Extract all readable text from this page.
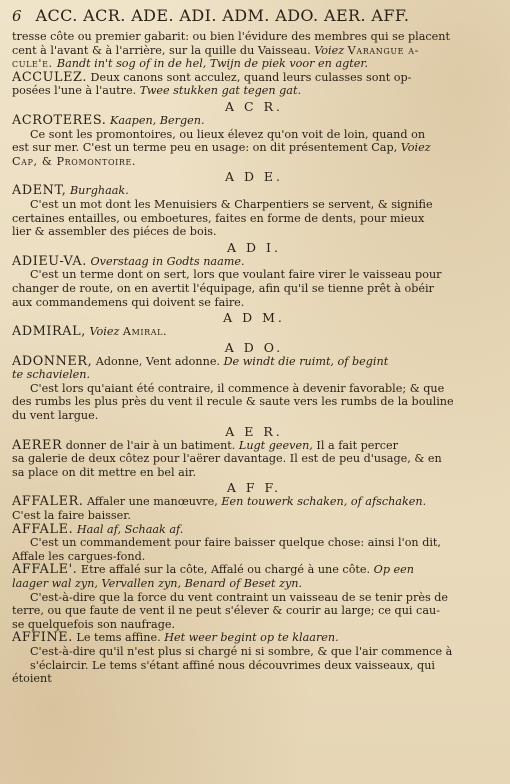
6 ACC. ACR. ADE. ADI. ADM. ADO. AER. AFF.
tresse côte ou premier gabarit: ou bien l'évidure des membres qui se placent
cent à l'avant & à l'arrière, sur la quille du Vaisseau. Voiez Varangue a-
cule'e. Bandt in't sog of in de hel, Twijn de piek voor en agter.
ACCULEZ. Deux canons sont acculez, quand leurs culasses sont op-
posées l'une à l'autre. Twee stukken gat tegen gat.
A C R.
ACROTERES. Kaapen, Bergen.
Ce sont les promontoires, ou lieux élevez qu'on voit de loin, quand on
est sur mer. C'est un terme peu en usage: on dit présentement Cap, Voiez
Cap, & Promontoire.
A D E.
ADENT, Burghaak.
C'est un mot dont les Menuisiers & Charpentiers se servent, & signifie
certaines entailles, ou emboetures, faites en forme de dents, pour mieux
lier & assembler des piéces de bois.
A D I.
ADIEU-VA. Overstaag in Godts naame.
C'est un terme dont on sert, lors que voulant faire virer le vaisseau pour
changer de route, on en avertit l'équipage, afin qu'il se tienne prêt à obéir
aux commandemens qui doivent se faire.
A D M.
ADMIRAL, Voiez Amiral.
A D O.
ADONNER, Adonne, Vent adonne. De windt die ruimt, of begint
te schavielen.
C'est lors qu'aiant été contraire, il commence à devenir favorable; & que
des rumbs les plus près du vent il recule & saute vers les rumbs de la bouline
du vent largue.
A E R.
AERER donner de l'air à un batiment. Lugt geeven, Il a fait percer
sa galerie de deux côtez pour l'aërer davantage. Il est de peu d'usage, & en
sa place on dit mettre en bel air.
A F F.
AFFALER. Affaler une manœuvre, Een touwerk schaken, of afschaken.
C'est la faire baisser.
AFFALE. Haal af, Schaak af.
C'est un commandement pour faire baisser quelque chose: ainsi l'on dit,
Affale les cargues-fond.
AFFALE'. Etre affalé sur la côte, Affalé ou chargé à une côte. Op een
laager wal zyn, Vervallen zyn, Benard of Beset zyn.
C'est-à-dire que la force du vent contraint un vaisseau de se tenir près de
terre, ou que faute de vent il ne peut s'élever & courir au large; ce qui cau-
se quelquefois son naufrage.
AFFINE. Le tems affine. Het weer begint op te klaaren.
C'est-à-dire qu'il n'est plus si chargé ni si sombre, & que l'air commence à
s'éclaircir. Le tems s'étant affiné nous découvrimes deux vaisseaux, qui
étoient
